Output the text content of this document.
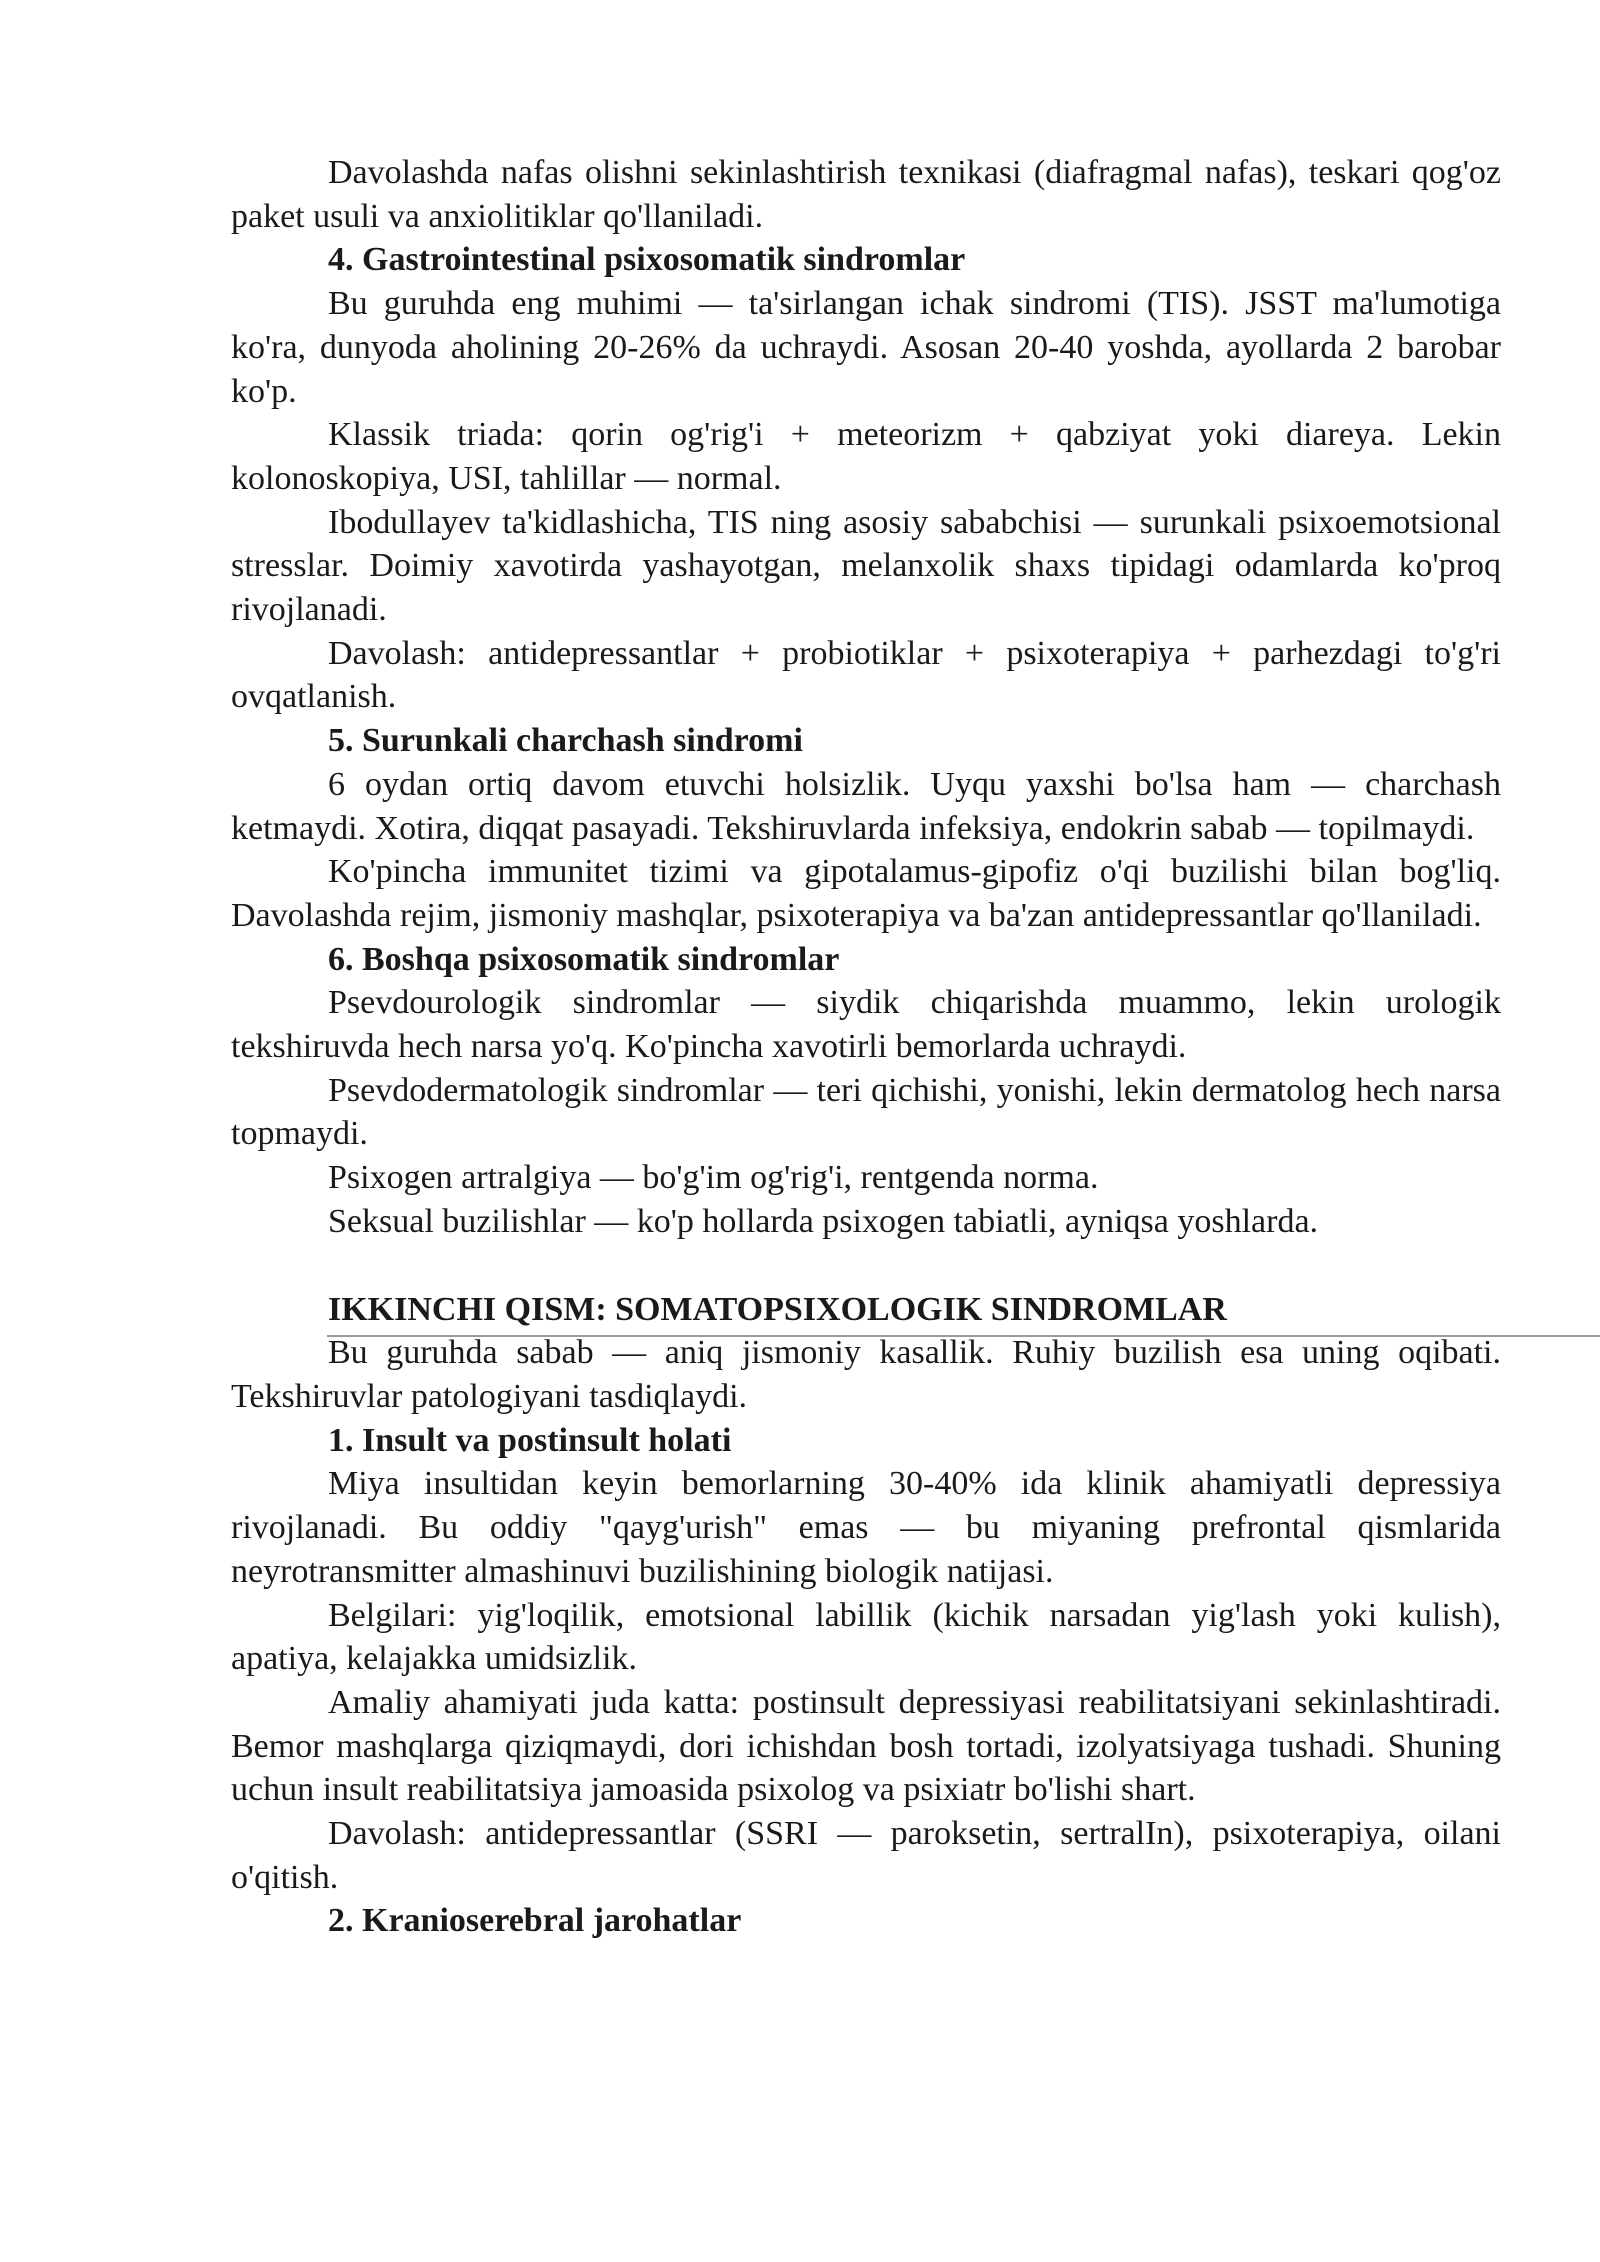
Davolashda nafas olishni sekinlashtirish texnikasi (diafragmal nafas), teskari qog'oz paket usuli va anxiolitiklar qo'llaniladi.

4. Gastrointestinal psixosomatik sindromlar

Bu guruhda eng muhimi — ta'sirlangan ichak sindromi (TIS). JSST ma'lumotiga ko'ra, dunyoda aholining 20-26% da uchraydi. Asosan 20-40 yoshda, ayollarda 2 barobar ko'p.

Klassik triada: qorin og'rig'i + meteorizm + qabziyat yoki diareya. Lekin kolonoskopiya, USI, tahlillar — normal.

Ibodullayev ta'kidlashicha, TIS ning asosiy sababchisi — surunkali psixoemotsional stresslar. Doimiy xavotirda yashayotgan, melanxolik shaxs tipidagi odamlarda ko'proq rivojlanadi.

Davolash: antidepressantlar + probiotiklar + psixoterapiya + parhezdagi to'g'ri ovqatlanish.

5. Surunkali charchash sindromi

6 oydan ortiq davom etuvchi holsizlik. Uyqu yaxshi bo'lsa ham — charchash ketmaydi. Xotira, diqqat pasayadi. Tekshiruvlarda infeksiya, endokrin sabab — topilmaydi.

Ko'pincha immunitet tizimi va gipotalamus-gipofiz o'qi buzilishi bilan bog'liq. Davolashda rejim, jismoniy mashqlar, psixoterapiya va ba'zan antidepressantlar qo'llaniladi.

6. Boshqa psixosomatik sindromlar

Psevdourologik sindromlar — siydik chiqarishda muammo, lekin urologik tekshiruvda hech narsa yo'q. Ko'pincha xavotirli bemorlarda uchraydi.

Psevdodermatologik sindromlar — teri qichishi, yonishi, lekin dermatolog hech narsa topmaydi.

Psixogen artralgiya — bo'g'im og'rig'i, rentgenda norma.

Seksual buzilishlar — ko'p hollarda psixogen tabiatli, ayniqsa yoshlarda.

IKKINCHI QISM: SOMATOPSIXOLOGIK SINDROMLAR

Bu guruhda sabab — aniq jismoniy kasallik. Ruhiy buzilish esa uning oqibati. Tekshiruvlar patologiyani tasdiqlaydi.

1. Insult va postinsult holati

Miya insultidan keyin bemorlarning 30-40% ida klinik ahamiyatli depressiya rivojlanadi. Bu oddiy "qayg'urish" emas — bu miyaning prefrontal qismlarida neyrotransmitter almashinuvi buzilishining biologik natijasi.

Belgilari: yig'loqilik, emotsional labillik (kichik narsadan yig'lash yoki kulish), apatiya, kelajakka umidsizlik.

Amaliy ahamiyati juda katta: postinsult depressiyasi reabilitatsiyani sekinlashtiradi. Bemor mashqlarga qiziqmaydi, dori ichishdan bosh tortadi, izolyatsiyaga tushadi. Shuning uchun insult reabilitatsiya jamoasida psixolog va psixiatr bo'lishi shart.

Davolash: antidepressantlar (SSRI — paroksetin, sertralIn), psixoterapiya, oilani o'qitish.

2. Kranioserebral jarohatlar
